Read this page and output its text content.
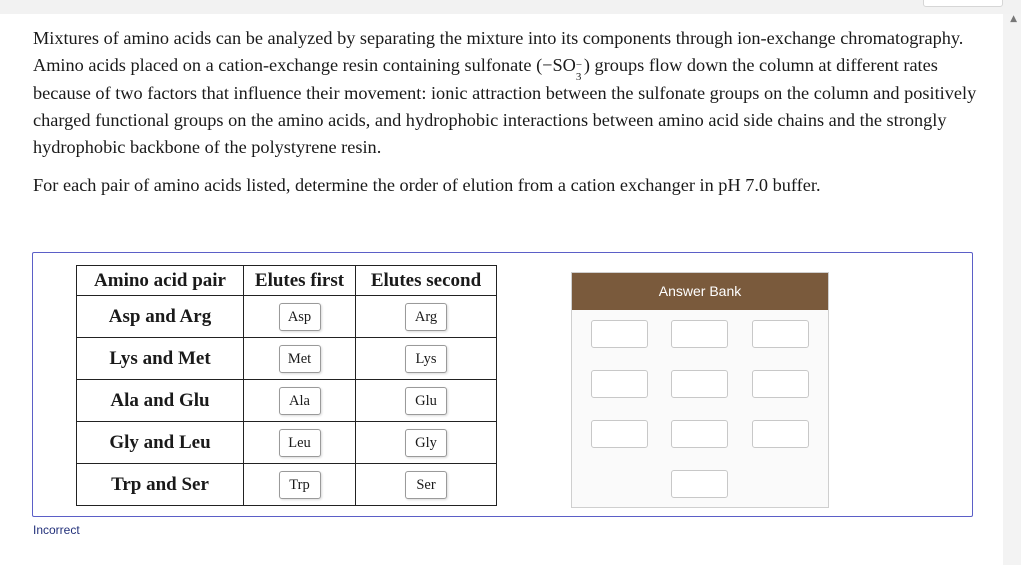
▲

Mixtures of amino acids can be analyzed by separating the mixture into its components through ion-exchange chromatography. Amino acids placed on a cation-exchange resin containing sulfonate (−SO −
3
) groups flow down the column at different rates because of two factors that influence their movement: ionic attraction between the sulfonate groups on the column and positively charged functional groups on the amino acids, and hydrophobic interactions between amino acid side chains and the strongly hydrophobic backbone of the polystyrene resin.

For each pair of amino acids listed, determine the order of elution from a cation exchanger in pH 7.0 buffer.

Amino acid pair	Elutes first	Elutes second
Asp and Arg	Asp	Arg
Lys and Met	Met	Lys
Ala and Glu	Ala	Glu
Gly and Leu	Leu	Gly
Trp and Ser	Trp	Ser
Answer Bank
Incorrect
